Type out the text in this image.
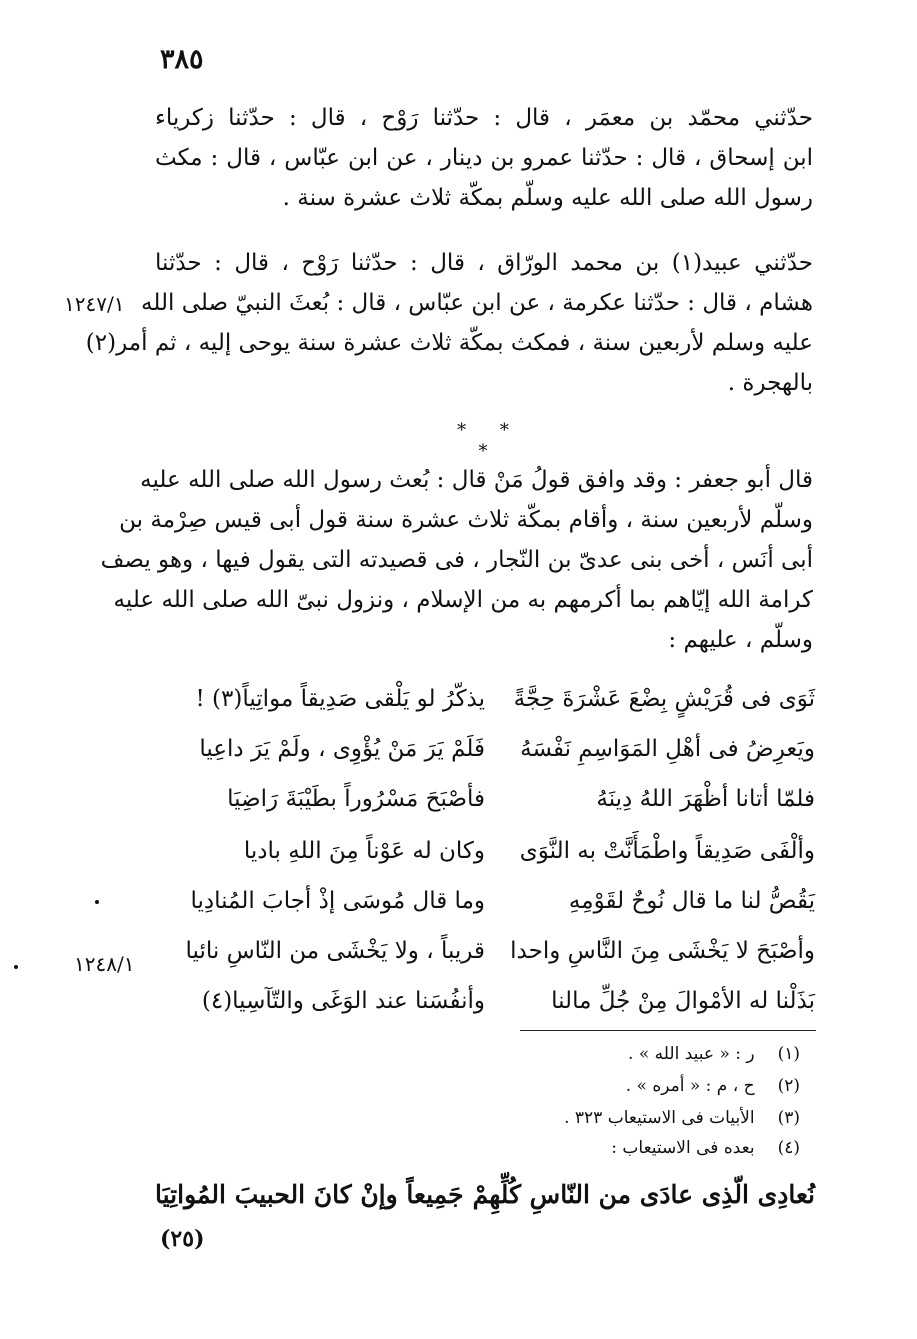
٣٨٥
حدّثني محمّد بن معمَر ، قال : حدّثنا رَوْح ، قال : حدّثنا زكرياء
ابن إسحاق ، قال : حدّثنا عمرو بن دينار ، عن ابن عبّاس ، قال : مكث
رسول الله صلى الله عليه وسلّم بمكّة ثلاث عشرة سنة .
حدّثني عبيد(١) بن محمد الورّاق ، قال : حدّثنا رَوْح ، قال : حدّثنا
هشام ، قال : حدّثنا عكرمة ، عن ابن عبّاس ، قال : بُعثَ النبيّ صلى الله
عليه وسلم لأربعين سنة ، فمكث بمكّة ثلاث عشرة سنة يوحى إليه ، ثم أمر(٢)
بالهجرة .
١٢٤٧/١
* * *
قال أبو جعفر : وقد وافق قولُ مَنْ قال : بُعث رسول الله صلى الله عليه
وسلّم لأربعين سنة ، وأقام بمكّة ثلاث عشرة سنة قول أبى قيس صِرْمة بن
أبى أنَس ، أخى بنى عدىّ بن النّجار ، فى قصيدته التى يقول فيها ، وهو يصف
كرامة الله إيّاهم بما أكرمهم به من الإسلام ، ونزول نبىّ الله صلى الله عليه
وسلّم ، عليهم :
ثَوَى فى قُرَيْشٍ بِضْعَ عَشْرَةَ حِجَّةً
يذكّرُ لو يَلْقى صَدِيقاً مواتِياً(٣) !
ويَعرِضُ فى أهْلِ المَوَاسِمِ نَفْسَهُ
فَلَمْ يَرَ مَنْ يُؤْوِى ، ولَمْ يَرَ داعِيا
فلمّا أتانا أظْهَرَ اللهُ دِينَهُ
فأصْبَحَ مَسْرُوراً بطَيْبَةَ رَاضِيَا
وألْفَى صَدِيقاً واطْمَأَنَّتْ به النَّوَى
وكان له عَوْناً مِنَ اللهِ باديا
يَقُصُّ لنا ما قال نُوحٌ لقَوْمِهِ
وما قال مُوسَى إذْ أجابَ المُنادِيا
وأصْبَحَ لا يَخْشَى مِنَ النَّاسِ واحدا
قريباً ، ولا يَخْشَى من النّاسِ نائيا
بَذَلْنا له الأمْوالَ مِنْ جُلِّ مالنا
وأنفُسَنا عند الوَغَى والتّآسِيا(٤)
١٢٤٨/١
(١) ر : « عبيد الله » .
(٢) ح ، م : « أمره » .
(٣) الأبيات فى الاستيعاب ٣٢٣ .
(٤) بعده فى الاستيعاب :
نُعادِى الّذِى عادَى من النّاسِ كُلِّهِمْ
جَمِيعاً وإنْ كانَ الحبيبَ المُواتِيَا
(٢٥)
